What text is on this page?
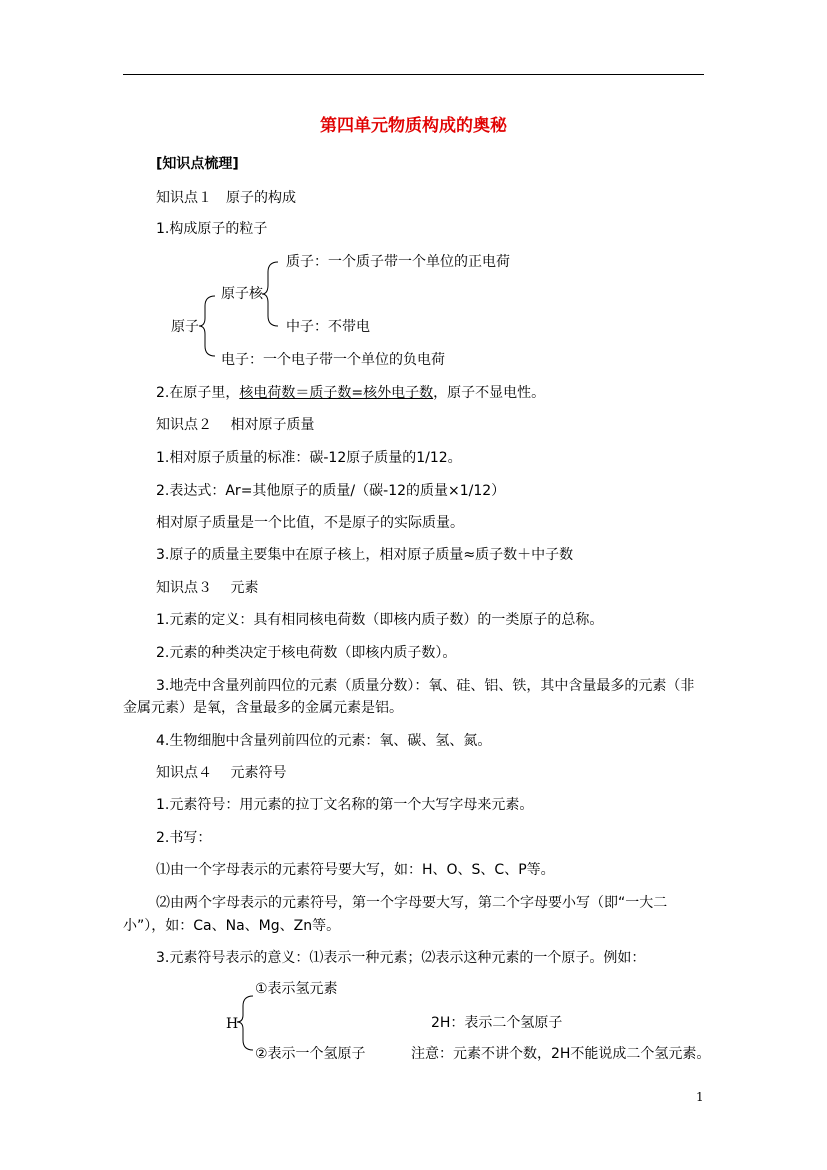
第四单元物质构成的奥秘
[知识点梳理]
知识点１　原子的构成
1.构成原子的粒子
质子：一个质子带一个单位的正电荷
原子核
原子	中子：不带电
电子：一个电子带一个单位的负电荷
2.在原子里，核电荷数＝质子数=核外电子数，原子不显电性。
知识点２　 相对原子质量
1.相对原子质量的标准：碳-12原子质量的1/12。
2.表达式：Ar=其他原子的质量/（碳-12的质量×1/12）
相对原子质量是一个比值，不是原子的实际质量。
3.原子的质量主要集中在原子核上，相对原子质量≈质子数＋中子数
知识点３　 元素
1.元素的定义：具有相同核电荷数（即核内质子数）的一类原子的总称。
2.元素的种类决定于核电荷数（即核内质子数）。
3.地壳中含量列前四位的元素（质量分数）：氧、硅、铝、铁，其中含量最多的元素（非
金属元素）是氧，含量最多的金属元素是铝。
4.生物细胞中含量列前四位的元素：氧、碳、氢、氮。
知识点４　 元素符号
1.元素符号：用元素的拉丁文名称的第一个大写字母来元素。
2.书写：
⑴由一个字母表示的元素符号要大写，如：H、O、S、C、P等。
⑵由两个字母表示的元素符号，第一个字母要大写，第二个字母要小写（即“一大二
小”），如：Ca、Na、Mg、Zn等。
3.元素符号表示的意义：⑴表示一种元素；⑵表示这种元素的一个原子。例如：
①表示氢元素
H	2H：表示二个氢原子
②表示一个氢原子	注意：元素不讲个数，2H不能说成二个氢元素。
1
